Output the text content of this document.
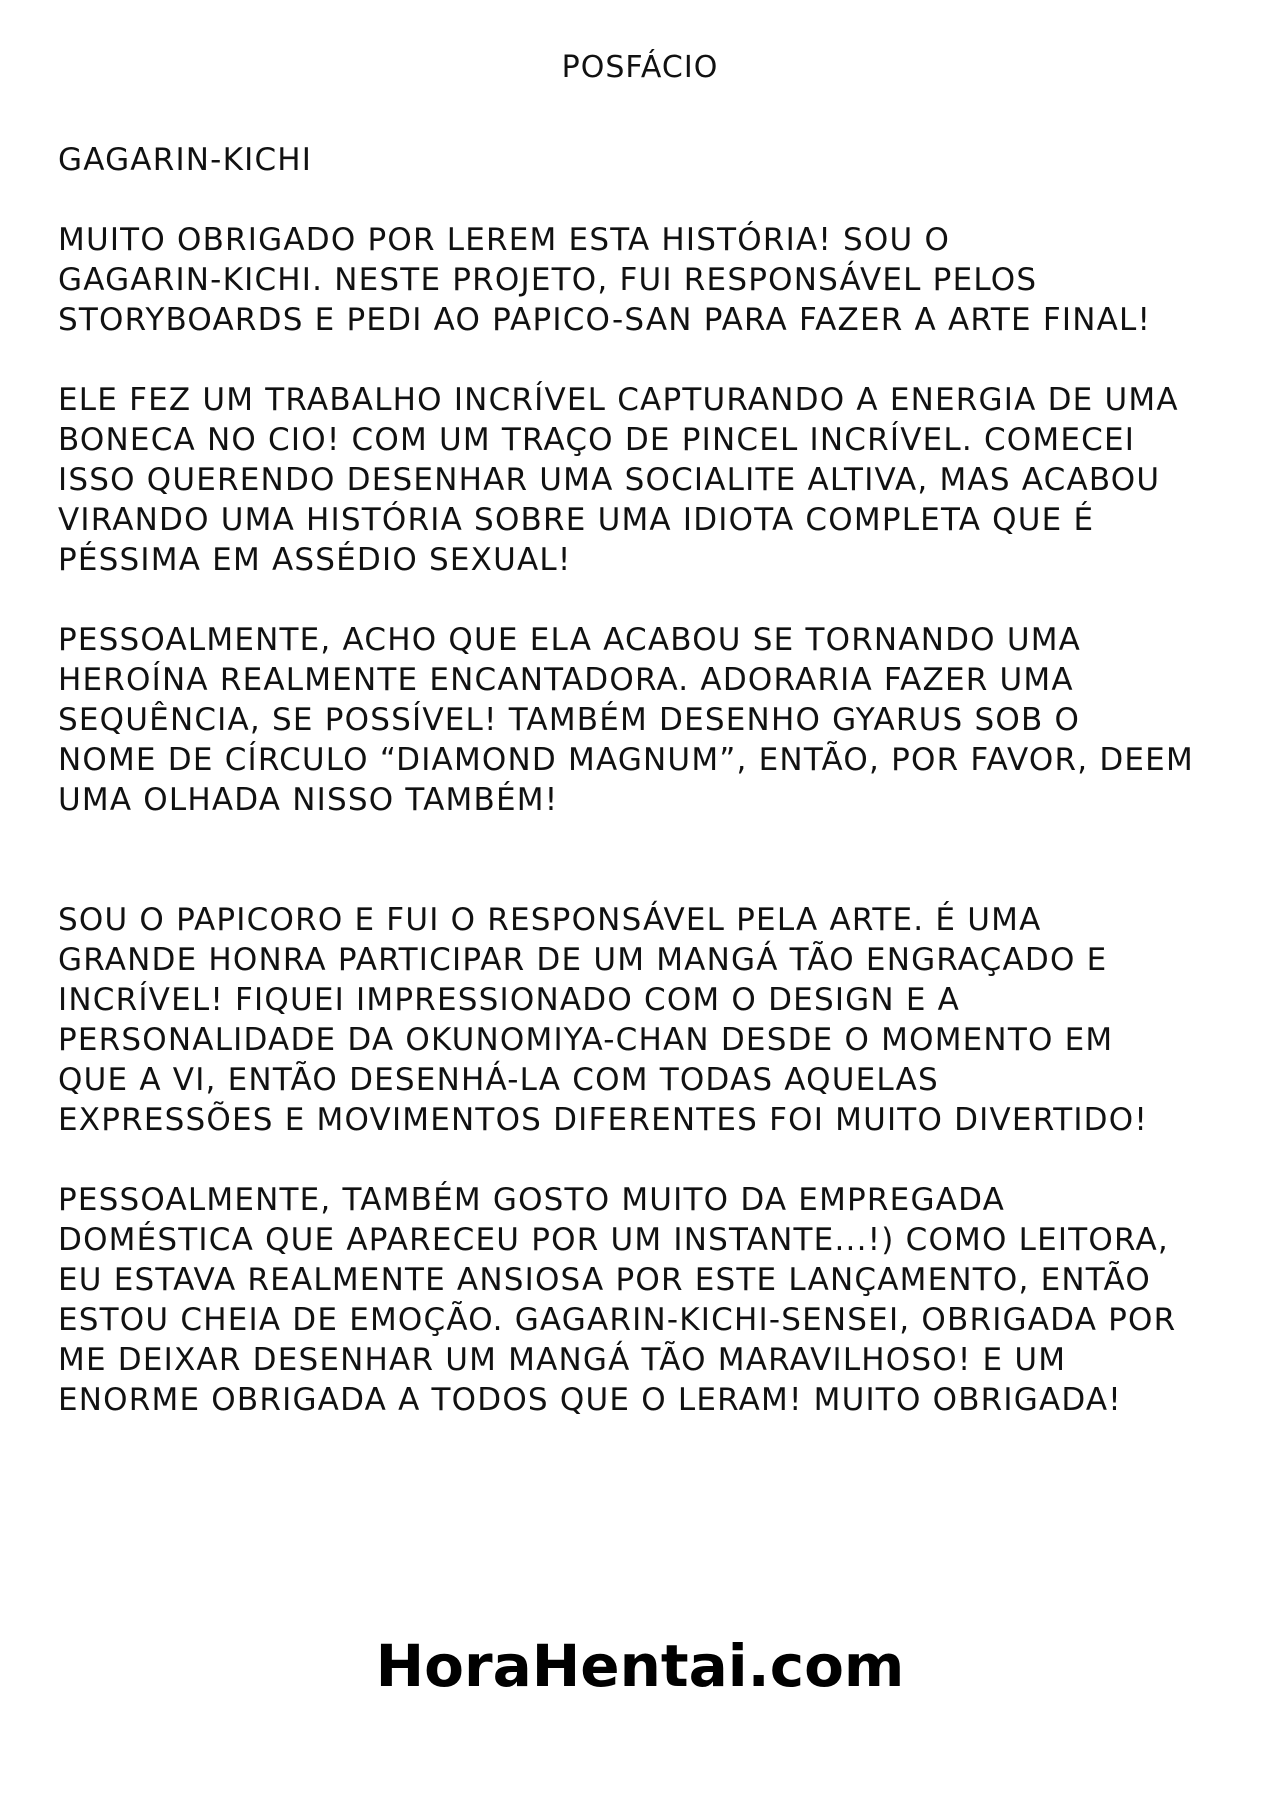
POSFÁCIO

GAGARIN-KICHI

MUITO OBRIGADO POR LEREM ESTA HISTÓRIA! SOU O
GAGARIN-KICHI. NESTE PROJETO, FUI RESPONSÁVEL PELOS
STORYBOARDS E PEDI AO PAPICO-SAN PARA FAZER A ARTE FINAL!

ELE FEZ UM TRABALHO INCRÍVEL CAPTURANDO A ENERGIA DE UMA
BONECA NO CIO! COM UM TRAÇO DE PINCEL INCRÍVEL. COMECEI
ISSO QUERENDO DESENHAR UMA SOCIALITE ALTIVA, MAS ACABOU
VIRANDO UMA HISTÓRIA SOBRE UMA IDIOTA COMPLETA QUE É
PÉSSIMA EM ASSÉDIO SEXUAL!

PESSOALMENTE, ACHO QUE ELA ACABOU SE TORNANDO UMA
HEROÍNA REALMENTE ENCANTADORA. ADORARIA FAZER UMA
SEQUÊNCIA, SE POSSÍVEL! TAMBÉM DESENHO GYARUS SOB O
NOME DE CÍRCULO “DIAMOND MAGNUM”, ENTÃO, POR FAVOR, DEEM
UMA OLHADA NISSO TAMBÉM!

SOU O PAPICORO E FUI O RESPONSÁVEL PELA ARTE. É UMA
GRANDE HONRA PARTICIPAR DE UM MANGÁ TÃO ENGRAÇADO E
INCRÍVEL! FIQUEI IMPRESSIONADO COM O DESIGN E A
PERSONALIDADE DA OKUNOMIYA-CHAN DESDE O MOMENTO EM
QUE A VI, ENTÃO DESENHÁ-LA COM TODAS AQUELAS
EXPRESSÕES E MOVIMENTOS DIFERENTES FOI MUITO DIVERTIDO!

PESSOALMENTE, TAMBÉM GOSTO MUITO DA EMPREGADA
DOMÉSTICA QUE APARECEU POR UM INSTANTE...!) COMO LEITORA,
EU ESTAVA REALMENTE ANSIOSA POR ESTE LANÇAMENTO, ENTÃO
ESTOU CHEIA DE EMOÇÃO. GAGARIN-KICHI-SENSEI, OBRIGADA POR
ME DEIXAR DESENHAR UM MANGÁ TÃO MARAVILHOSO! E UM
ENORME OBRIGADA A TODOS QUE O LERAM! MUITO OBRIGADA!

HoraHentai.com
